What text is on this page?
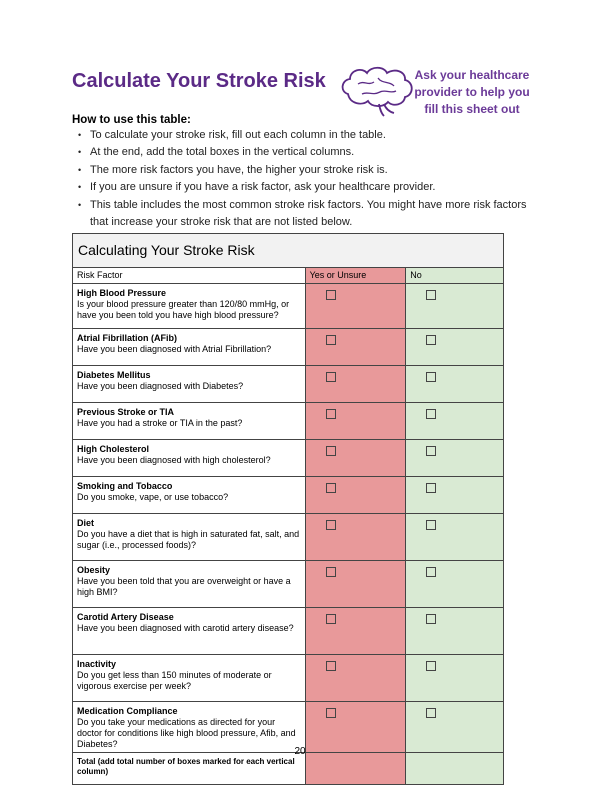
Calculate Your Stroke Risk	Ask your healthcare provider to help you fill this sheet out
How to use this table:
• To calculate your stroke risk, fill out each column in the table.
• At the end, add the total boxes in the vertical columns.
• The more risk factors you have, the higher your stroke risk is.
• If you are unsure if you have a risk factor, ask your healthcare provider.
• This table includes the most common stroke risk factors. You might have more risk factors that increase your stroke risk that are not listed below.
Calculating Your Stroke Risk		
Risk Factor	Yes or Unsure	No

High Blood Pressure
Is your blood pressure greater than 120/80 mmHg, or have you been told you have high blood pressure?		

Atrial Fibrillation (AFib)
Have you been diagnosed with Atrial Fibrillation?		

Diabetes Mellitus
Have you been diagnosed with Diabetes?		

Previous Stroke or TIA
Have you had a stroke or TIA in the past?		

High Cholesterol
Have you been diagnosed with high cholesterol?		

Smoking and Tobacco
Do you smoke, vape, or use tobacco?		

Diet
Do you have a diet that is high in saturated fat, salt, and sugar (i.e., processed foods)?		

Obesity
Have you been told that you are overweight or have a high BMI?		

Carotid Artery Disease
Have you been diagnosed with carotid artery disease?		

Inactivity
Do you get less than 150 minutes of moderate or vigorous exercise per week?		

Medication Compliance
Do you take your medications as directed for your doctor for conditions like high blood pressure, Afib, and Diabetes?		

Total (add total number of boxes marked for each vertical column)		
20
